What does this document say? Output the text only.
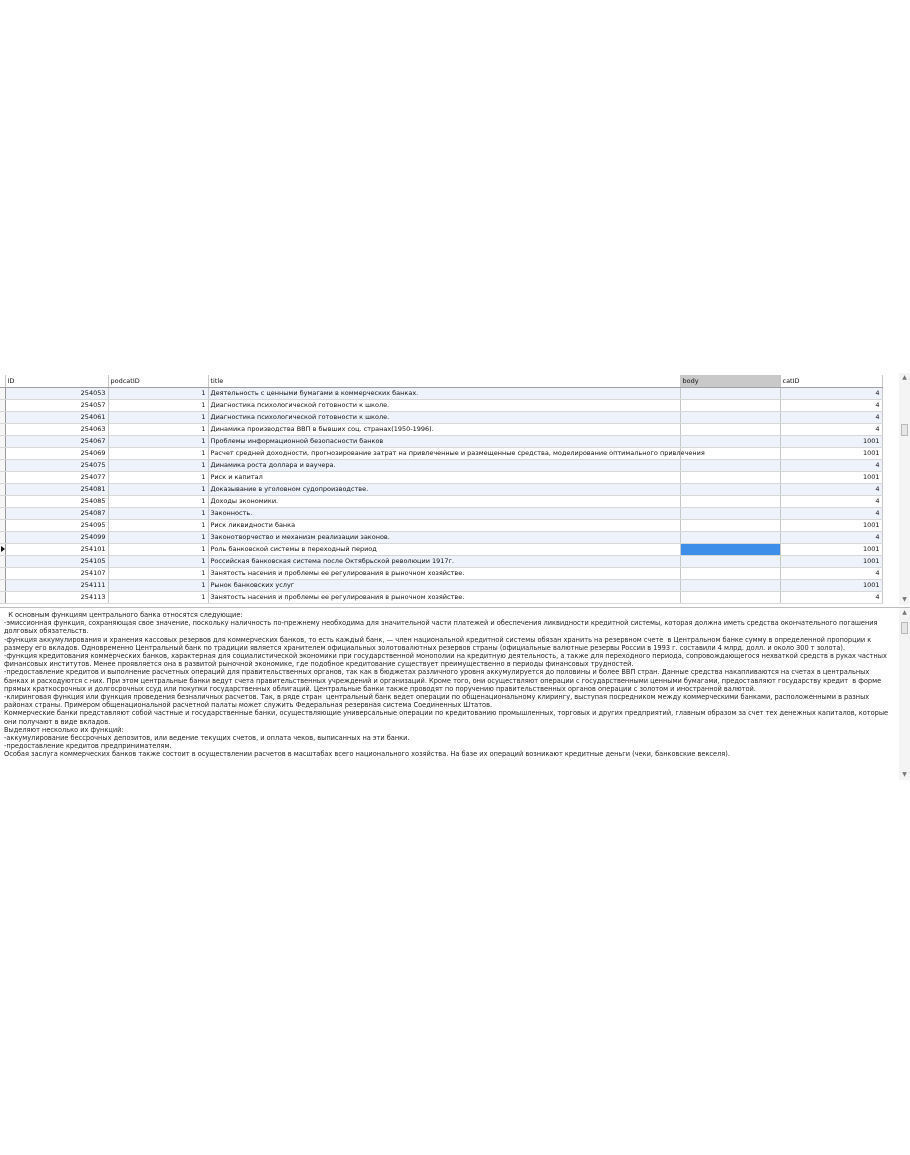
	ID	podcatID	title	body	catID
	254053	1	Деятельность с ценными бумагами в коммерческих банках.		4
	254057	1	Диагностика психологической готовности к школе.		4
	254061	1	Диагностика психологической готовности к школе.		4
	254063	1	Динамика производства ВВП в бывших соц. странах(1950-1996).		4
	254067	1	Проблемы информационной безопасности банков		1001
	254069	1	Расчет средней доходности, прогнозирование затрат на привлеченные и размещенные средства, моделирование оптимального привлечения		1001
	254075	1	Динамика роста доллара и ваучера.		4
	254077	1	Риск и капитал		1001
	254081	1	Доказывание в уголовном судопроизводстве.		4
	254085	1	Доходы экономики.		4
	254087	1	Законность.		4
	254095	1	Риск ликвидности банка		1001
	254099	1	Законотворчество и механизм реализации законов.		4

	254101	1	Роль банковской системы в переходный период		1001
	254105	1	Российская банковская система после Октябрьской революции 1917г.		1001
	254107	1	Занятость насения и проблемы ее регулирования в рыночном хозяйстве.		4
	254111	1	Рынок банковских услуг		1001
	254113	1	Занятость насения и проблемы ее регулирования в рыночном хозяйстве.		4
▲
▼

К основным функциям центрального банка относятся следующие:

-эмиссионная функция, сохраняющая свое значение, поскольку наличность по-прежнему необходима для значительной части платежей и обеспечения ликвидности кредитной системы, которая должна иметь средства окончательного погашения долговых обязательств.

-функция аккумулирования и хранения кассовых резервов для коммерческих банков, то есть каждый банк, — член национальной кредитной системы обязан хранить на резервном счете  в Центральном банке сумму в определенной пропорции к размеру его вкладов. Одновременно Центральный банк по традиции является хранителем официальных золотовалютных резервов страны (официальные валютные резервы России в 1993 г. составили 4 млрд. долл. и около 300 т золота).

-функция кредитования коммерческих банков, характерная для социалистической экономики при государственной монополии на кредитную деятельность, а также для переходного периода, сопровождающегося нехваткой средств в руках частных финансовых институтов. Менее проявляется она в развитой рыночной экономике, где подобное кредитование существует преимущественно в периоды финансовых трудностей.

-предоставление кредитов и выполнение расчетных операций для правительственных органов, так как в бюджетах различного уровня аккумулируется до половины и более ВВП стран. Данные средства накапливаются на счетах в центральных банках и расходуются с них. При этом центральные банки ведут счета правительственных учреждений и организаций. Кроме того, они осуществляют операции с государственными ценными бумагами, предоставляют государству кредит  в форме прямых краткосрочных и долгосрочных ссуд или покупки государственных облигаций. Центральные банки также проводят по поручению правительственных органов операции с золотом и иностранной валютой.

-клиринговая функция или функция проведения безналичных расчетов. Так, в ряде стран  центральный банк ведет операции по общенациональному клирингу, выступая посредником между коммерческими банками, расположенными в разных районах страны. Примером общенациональной расчетной палаты может служить Федеральная резервная система Соединенных Штатов.

Коммерческие банки представляют собой частные и государственные банки, осуществляющие универсальные операции по кредитованию промышленных, торговых и других предприятий, главным образом за счет тех денежных капиталов, которые они получают в виде вкладов.

Выделяют несколько их функций:

-аккумулирование бессрочных депозитов, или ведение текущих счетов, и оплата чеков, выписанных на эти банки.

-предоставление кредитов предпринимателям.

Особая заслуга коммерческих банков также состоит в осуществлении расчетов в масштабах всего национального хозяйства. На базе их операций возникают кредитные деньги (чеки, банковские векселя).

▲
▼
